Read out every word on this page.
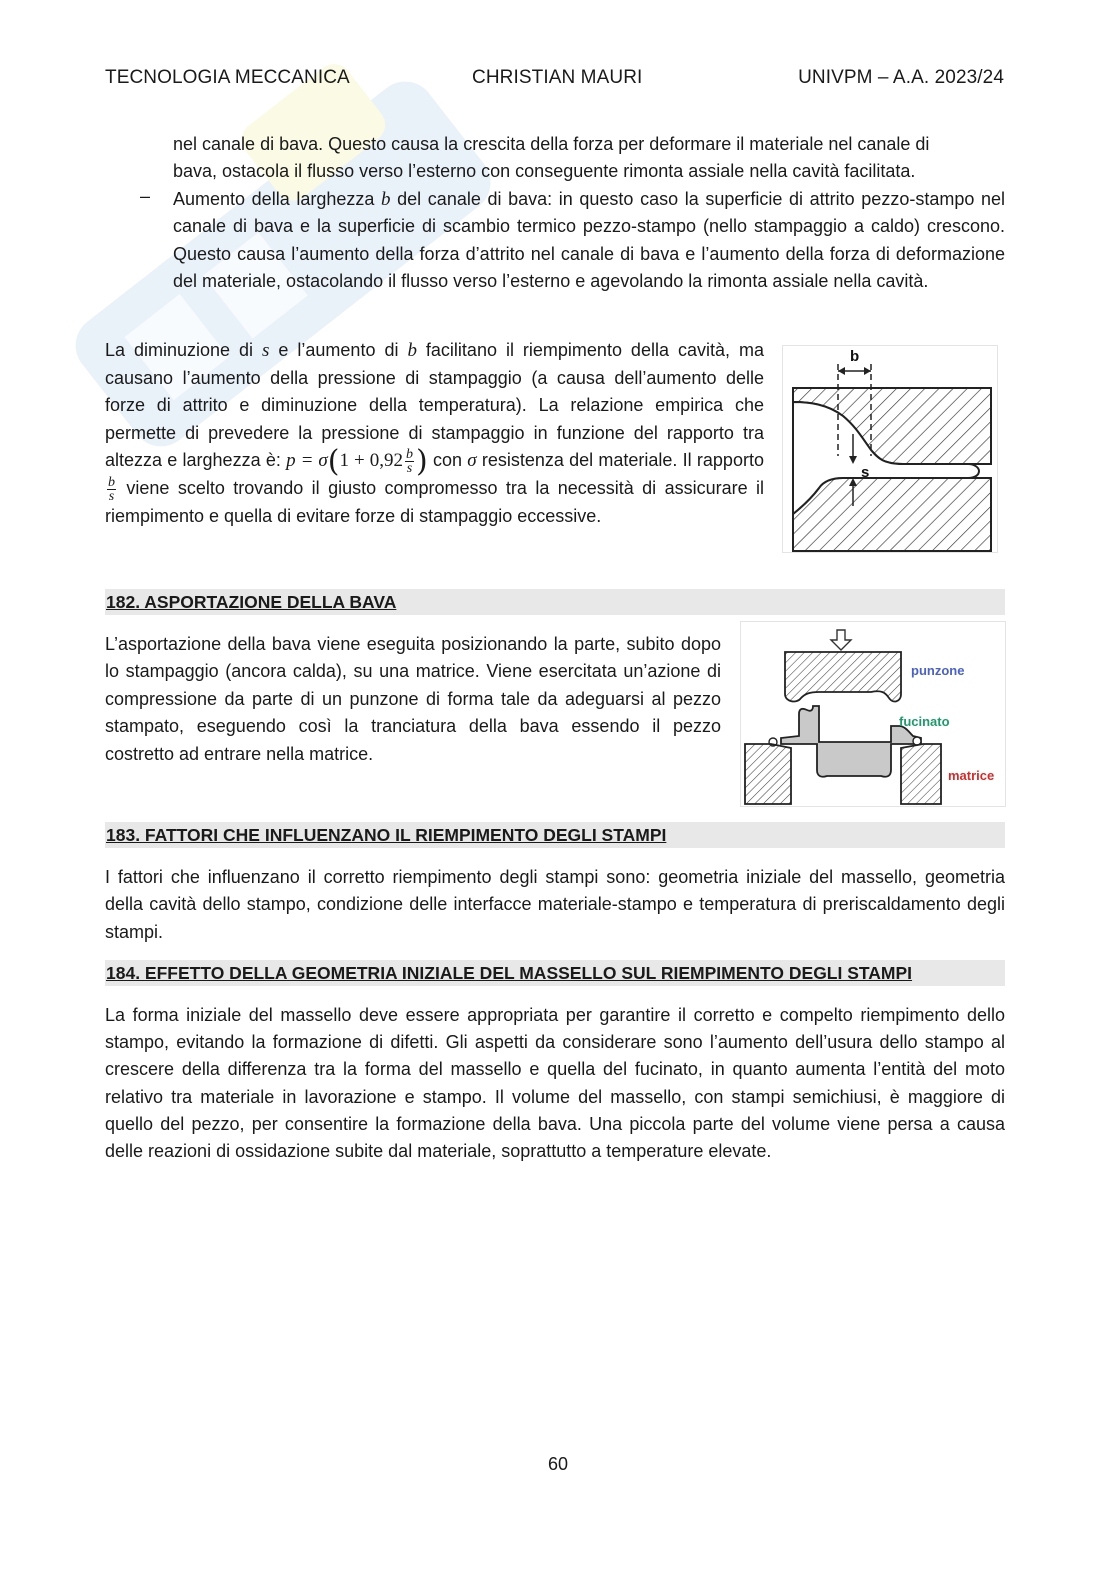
TECNOLOGIA MECCANICA	CHRISTIAN MAURI	UNIVPM – A.A. 2023/24

nel canale di bava. Questo causa la crescita della forza per deformare il materiale nel canale di

bava, ostacola il flusso verso l’esterno con conseguente rimonta assiale nella cavità facilitata.

– Aumento della larghezza b del canale di bava: in questo caso la superficie di attrito pezzo-stampo nel canale di bava e la superficie di scambio termico pezzo-stampo (nello stampaggio a caldo) crescono. Questo causa l’aumento della forza d’attrito nel canale di bava e l’aumento della forza di deformazione del materiale, ostacolando il flusso verso l’esterno e agevolando la rimonta assiale nella cavità.

La diminuzione di s e l’aumento di b facilitano il riempimento della cavità, ma causano l’aumento della pressione di stampaggio (a causa dell’aumento delle forze di attrito e diminuzione della temperatura). La relazione empirica che permette di prevedere la pressione di stampaggio in funzione del rapporto tra altezza e larghezza è: $p = \sigma(1 + 0,92 \frac{b}{s}$ ) con σ resistenza del materiale. Il rapporto
$\frac{b}{s}$ viene scelto trovando il giusto compromesso tra la necessità di assicurare il riempimento e quella di evitare forze di stampaggio eccessive.

b
s
182. ASPORTAZIONE DELLA BAVA

L’asportazione della bava viene eseguita posizionando la parte, subito dopo lo stampaggio (ancora calda), su una matrice. Viene esercitata un’azione di compressione da parte di un punzone di forma tale da adeguarsi al pezzo stampato, eseguendo così la tranciatura della bava essendo il pezzo costretto ad entrare nella matrice.

punzone
fucinato
matrice
183. FATTORI CHE INFLUENZANO IL RIEMPIMENTO DEGLI STAMPI

I fattori che influenzano il corretto riempimento degli stampi sono: geometria iniziale del massello, geometria della cavità dello stampo, condizione delle interfacce materiale-stampo e temperatura di preriscaldamento degli stampi.

184. EFFETTO DELLA GEOMETRIA INIZIALE DEL MASSELLO SUL RIEMPIMENTO DEGLI STAMPI

La forma iniziale del massello deve essere appropriata per garantire il corretto e compelto riempimento dello stampo, evitando la formazione di difetti. Gli aspetti da considerare sono l’aumento dell’usura dello stampo al crescere della differenza tra la forma del massello e quella del fucinato, in quanto aumenta l’entità del moto relativo tra materiale in lavorazione e stampo. Il volume del massello, con stampi semichiusi, è maggiore di quello del pezzo, per consentire la formazione della bava. Una piccola parte del volume viene persa a causa delle reazioni di ossidazione subite dal materiale, soprattutto a temperature elevate.

60
